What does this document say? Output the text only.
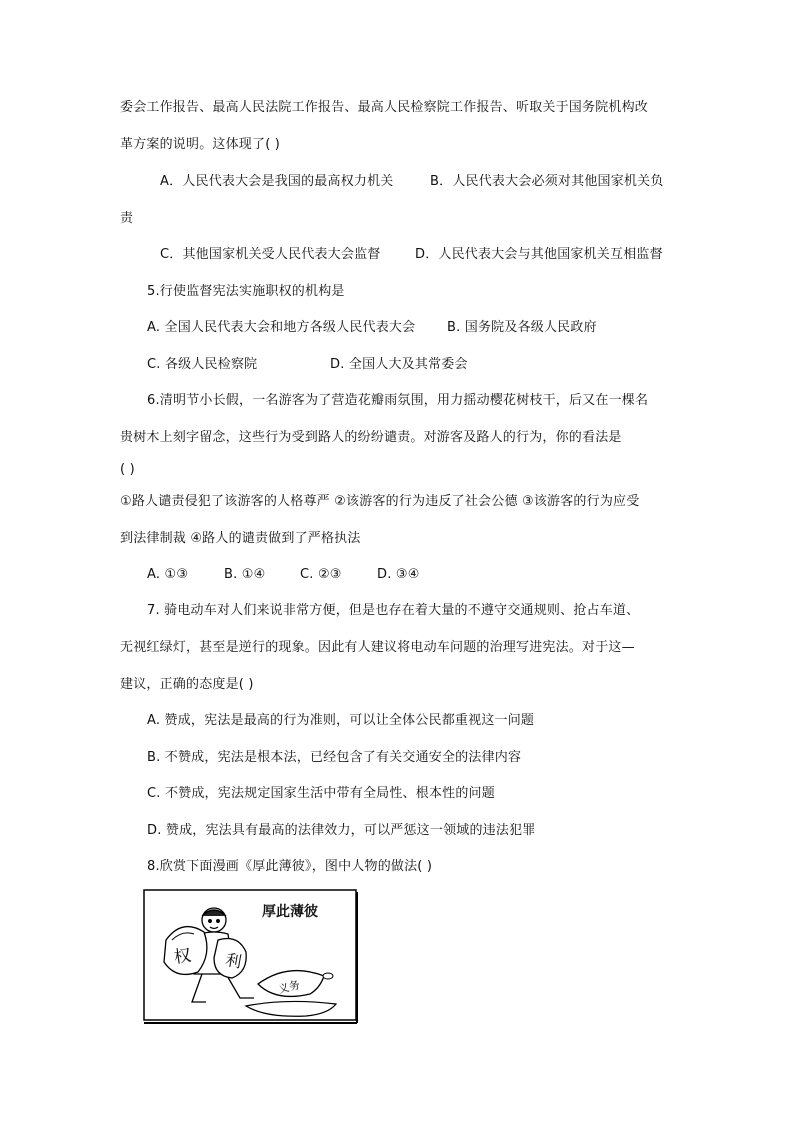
委会工作报告、最高人民法院工作报告、最高人民检察院工作报告、听取关于国务院机构改
革方案的说明。这体现了( )
A．人民代表大会是我国的最高权力机关	B．人民代表大会必须对其他国家机关负
责
C．其他国家机关受人民代表大会监督	D．人民代表大会与其他国家机关互相监督
5.行使监督宪法实施职权的机构是
A. 全国人民代表大会和地方各级人民代表大会 B. 国务院及各级人民政府
C. 各级人民检察院	D. 全国人大及其常委会
6.清明节小长假，一名游客为了营造花瓣雨氛围，用力摇动樱花树枝干，后又在一棵名
贵树木上刻字留念，这些行为受到路人的纷纷谴责。对游客及路人的行为，你的看法是
( )
①路人谴责侵犯了该游客的人格尊严 ②该游客的行为违反了社会公德 ③该游客的行为应受
到法律制裁 ④路人的谴责做到了严格执法
A. ①③	B. ①④	C. ②③	D. ③④
7. 骑电动车对人们来说非常方便，但是也存在着大量的不遵守交通规则、抢占车道、
无视红绿灯，甚至是逆行的现象。因此有人建议将电动车问题的治理写进宪法。对于这—
建议，正确的态度是( )
A. 赞成，宪法是最高的行为准则，可以让全体公民都重视这一问题
B. 不赞成，宪法是根本法，已经包含了有关交通安全的法律内容
C. 不赞成，宪法规定国家生活中带有全局性、根本性的问题
D. 赞成，宪法具有最高的法律效力，可以严惩这一领域的违法犯罪
8.欣赏下面漫画《厚此薄彼》，图中人物的做法( )
厚此薄彼
权 利
义务
